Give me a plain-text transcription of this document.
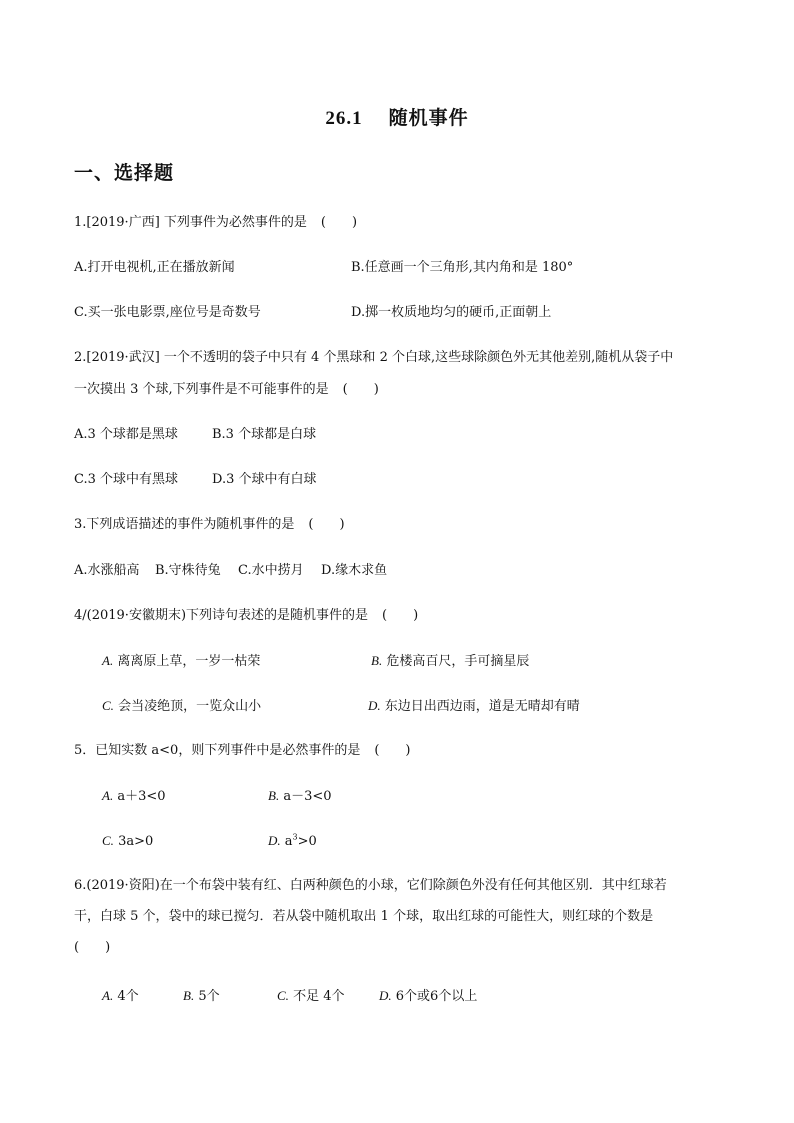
26.1 随机事件
一、选择题
1.[2019·广西] 下列事件为必然事件的是 (　　)
A.打开电视机,正在播放新闻	B.任意画一个三角形,其内角和是 180°
C.买一张电影票,座位号是奇数号	D.掷一枚质地均匀的硬币,正面朝上
2.[2019·武汉] 一个不透明的袋子中只有 4 个黑球和 2 个白球,这些球除颜色外无其他差别,随机从袋子中
一次摸出 3 个球,下列事件是不可能事件的是 (　　)
A.3 个球都是黑球	B.3 个球都是白球
C.3 个球中有黑球	D.3 个球中有白球
3.下列成语描述的事件为随机事件的是 (　　)
A.水涨船高 B.守株待兔 C.水中捞月 D.缘木求鱼
4/(2019·安徽期末)下列诗句表述的是随机事件的是 (　　)
A. 离离原上草，一岁一枯荣	B. 危楼高百尺，手可摘星辰
C. 会当凌绝顶，一览众山小	D. 东边日出西边雨，道是无晴却有晴
5．已知实数 a<0，则下列事件中是必然事件的是 (　　)
A. a＋3<0	B. a－3<0
C. 3a>0	D. $a^3>0$
6.(2019·资阳)在一个布袋中装有红、白两种颜色的小球，它们除颜色外没有任何其他区别．其中红球若
干，白球 5 个，袋中的球已搅匀．若从袋中随机取出 1 个球，取出红球的可能性大，则红球的个数是
(　　)
A. 4个	B. 5个	C. 不足 4个	D. 6个或6个以上
